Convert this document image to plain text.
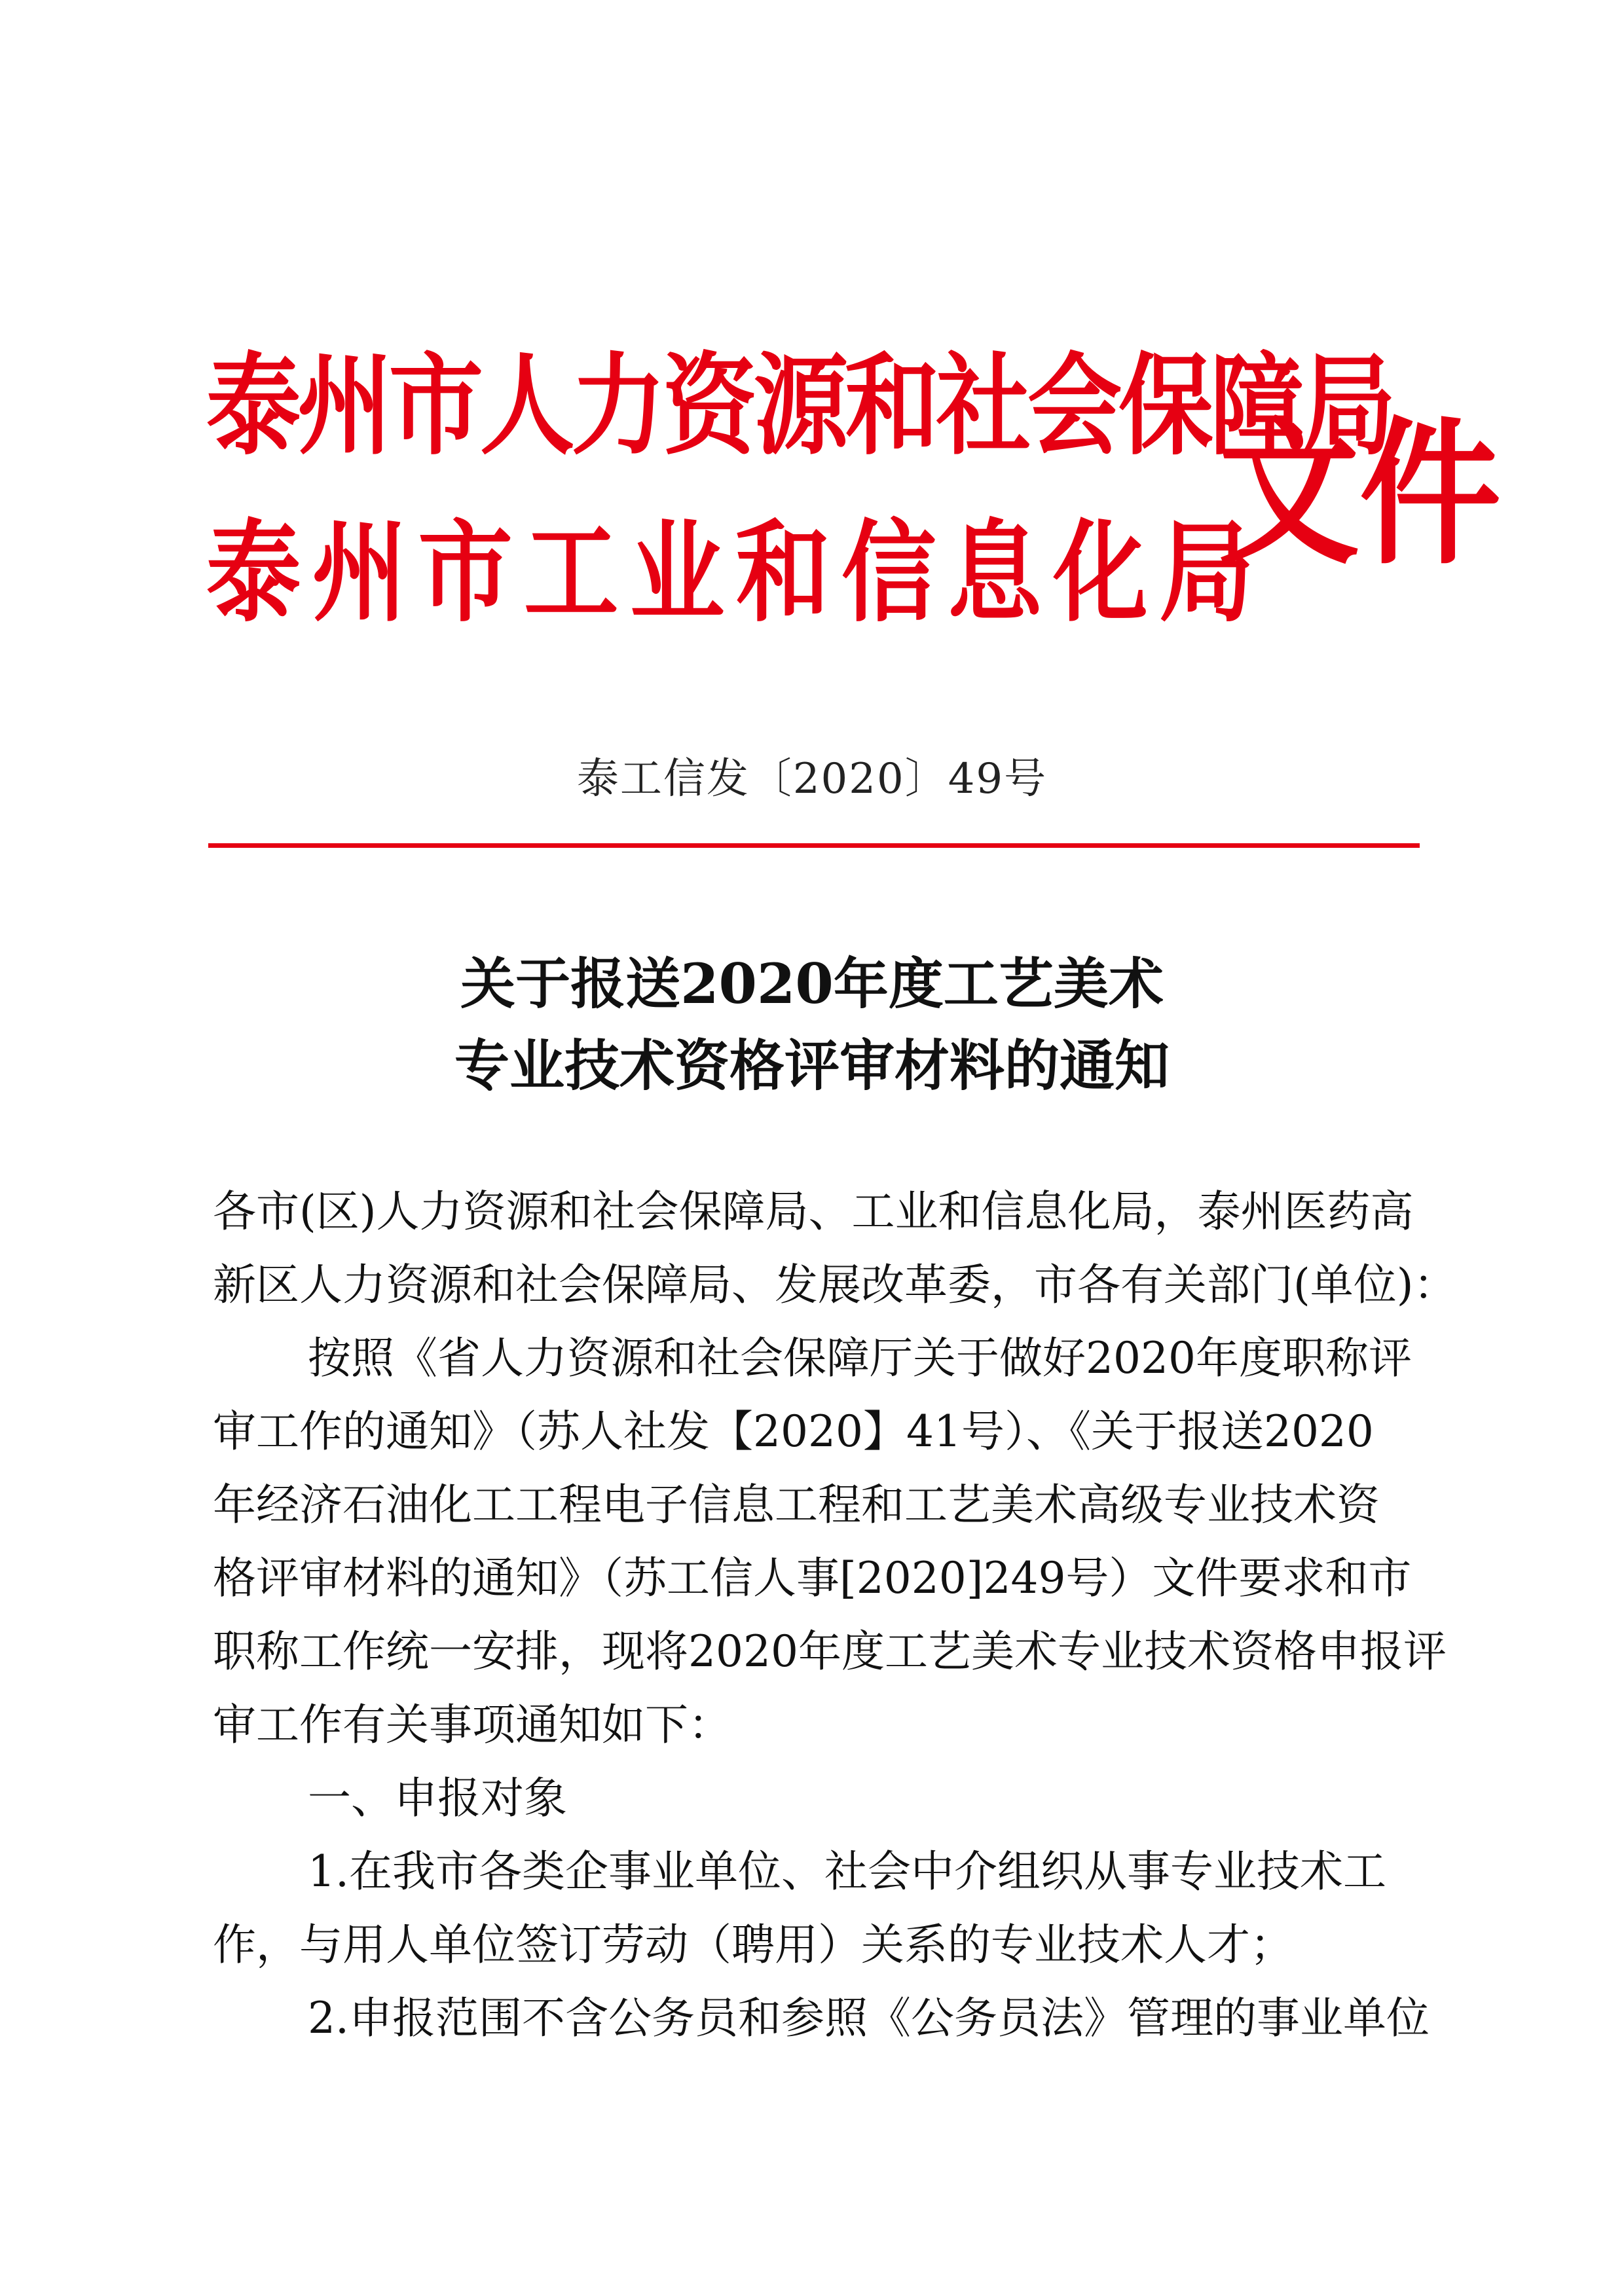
泰州市人力资源和社会保障局
泰州市工业和信息化局
文件
泰工信发〔2020〕49号
关于报送2020年度工艺美术
专业技术资格评审材料的通知
各市(区)人力资源和社会保障局、工业和信息化局，泰州医药高
新区人力资源和社会保障局、发展改革委，市各有关部门(单位)：
按照《省人力资源和社会保障厅关于做好2020年度职称评
审工作的通知》（苏人社发【2020】41号）、《关于报送2020
年经济石油化工工程电子信息工程和工艺美术高级专业技术资
格评审材料的通知》（苏工信人事[2020]249号）文件要求和市
职称工作统一安排，现将2020年度工艺美术专业技术资格申报评
审工作有关事项通知如下：
一、申报对象
1.在我市各类企事业单位、社会中介组织从事专业技术工
作，与用人单位签订劳动（聘用）关系的专业技术人才；
2.申报范围不含公务员和参照《公务员法》管理的事业单位
